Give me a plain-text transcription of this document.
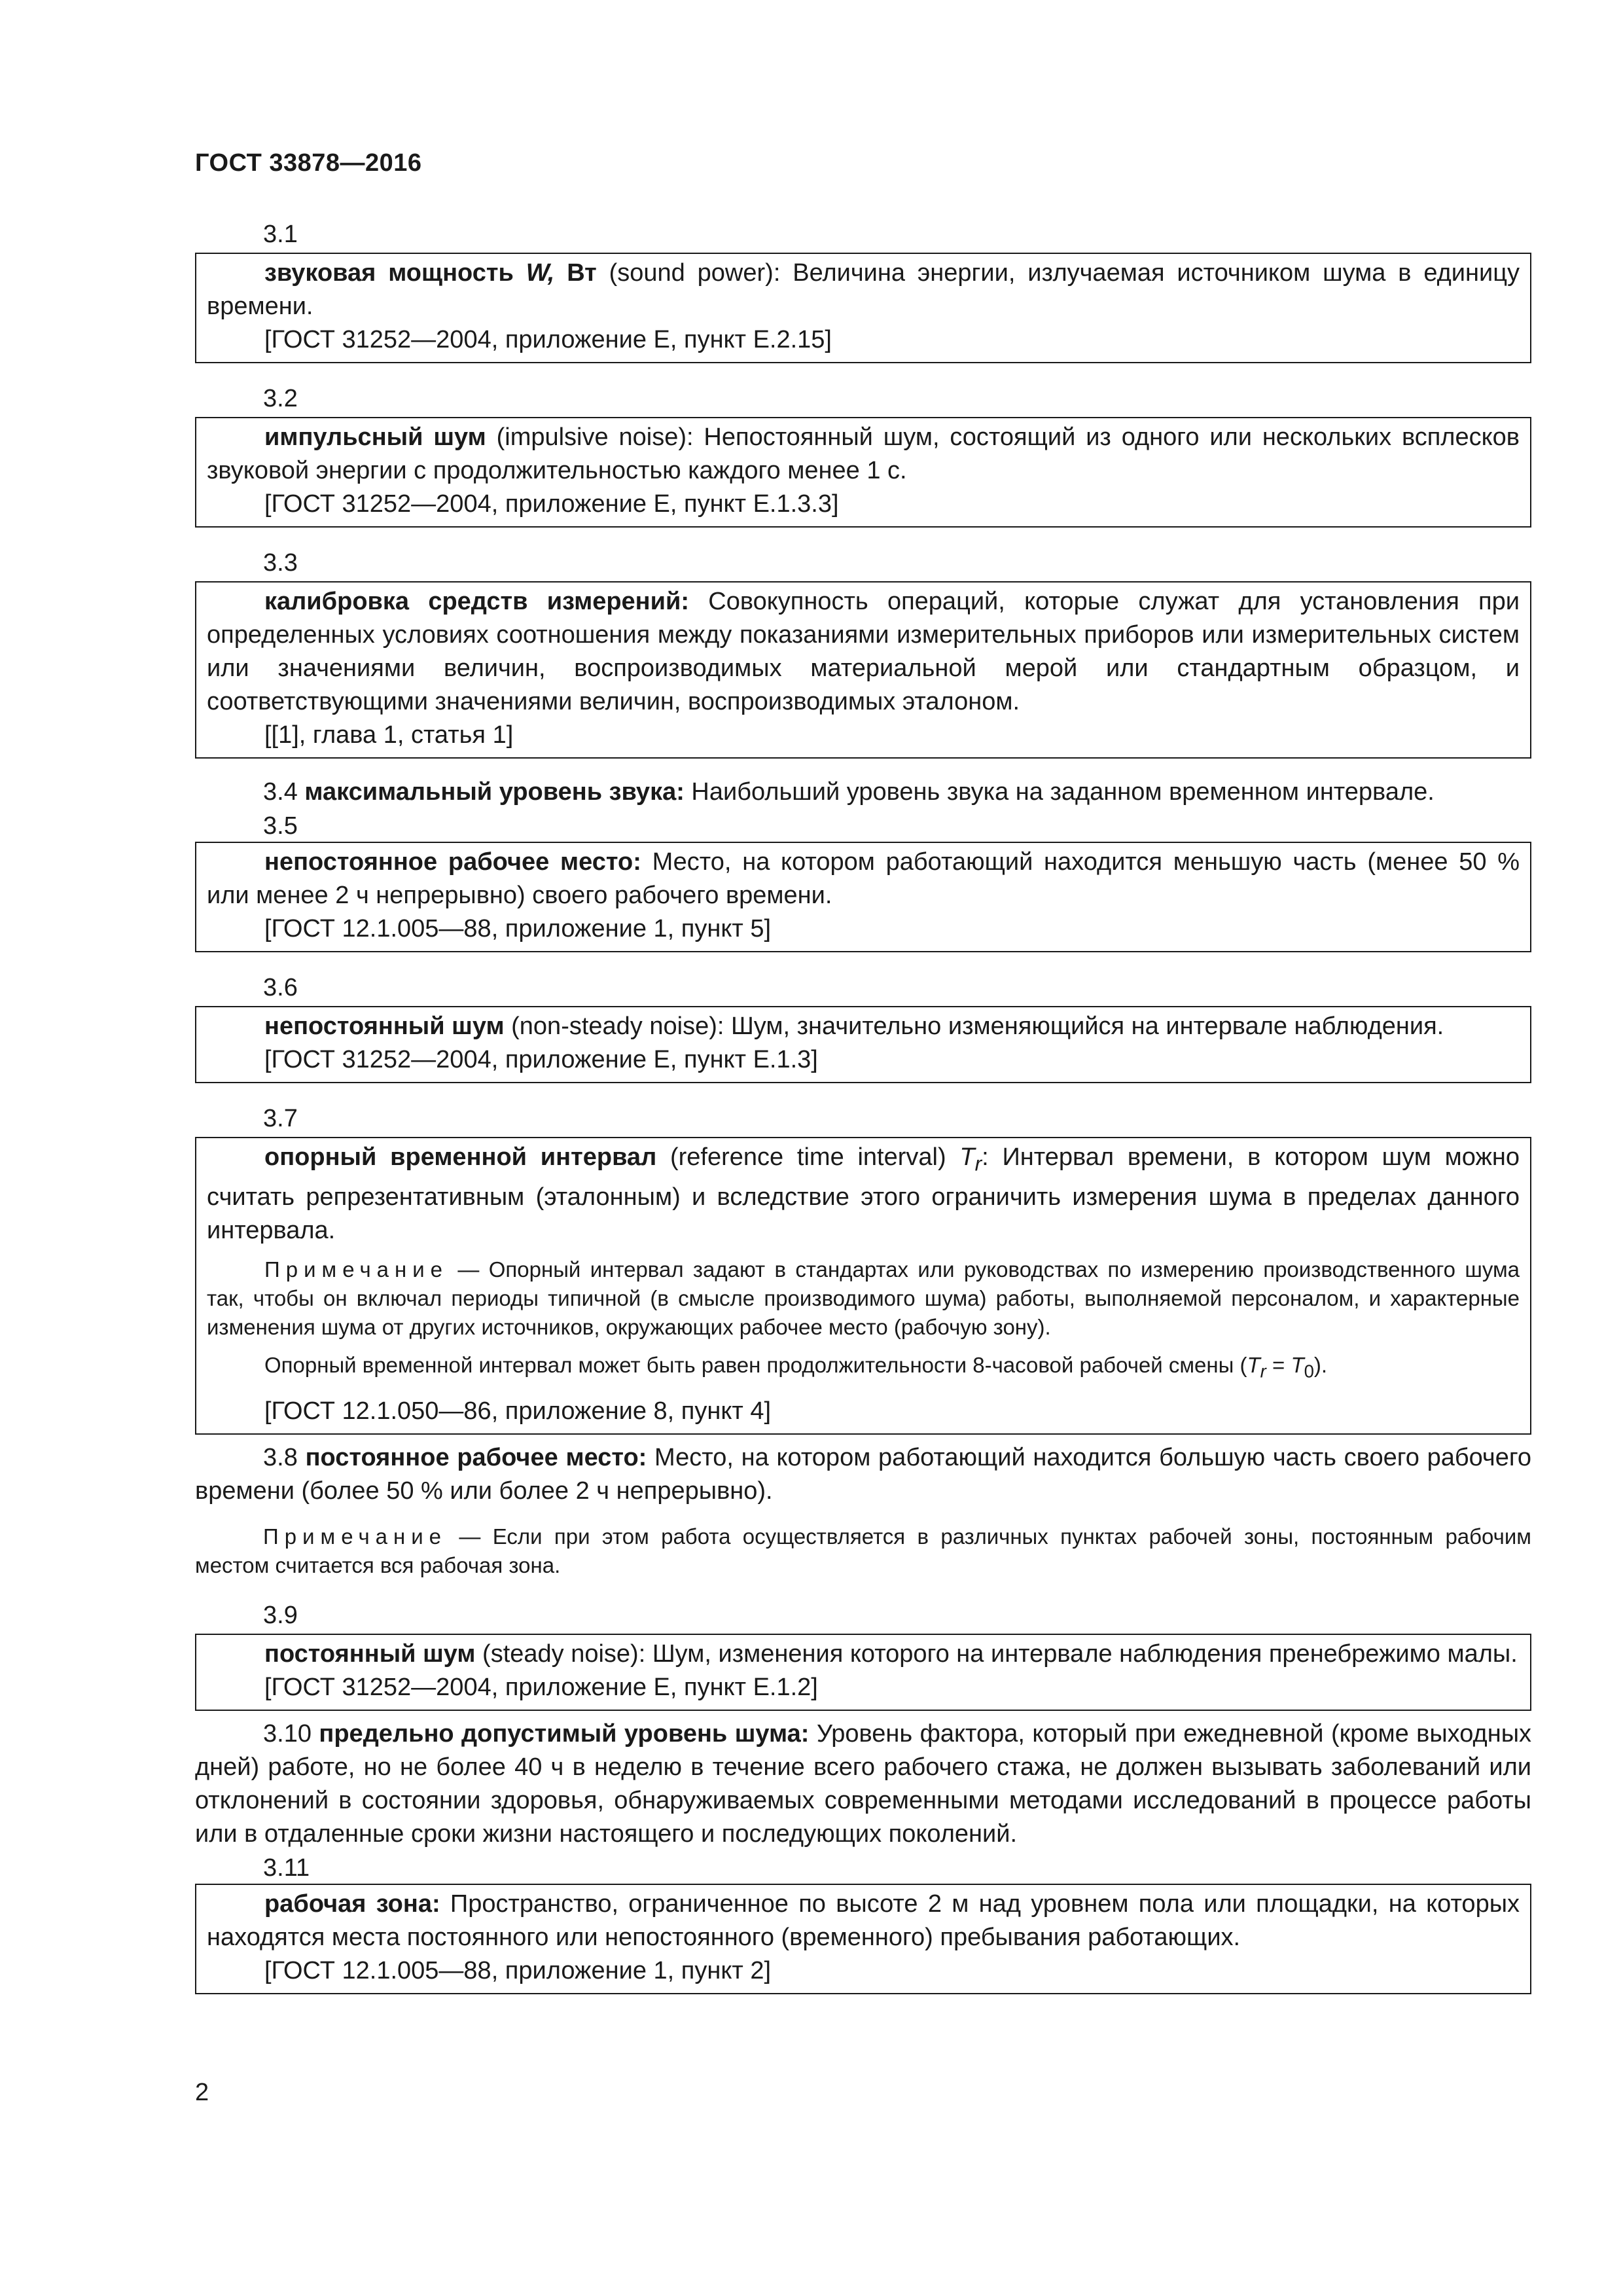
ГОСТ 33878—2016
3.1

звуковая мощность W, Вт (sound power): Величина энергии, излучаемая источником шума в единицу времени.

[ГОСТ 31252—2004, приложение Е, пункт Е.2.15]

3.2

импульсный шум (impulsive noise): Непостоянный шум, состоящий из одного или нескольких всплесков звуковой энергии с продолжительностью каждого менее 1 с.

[ГОСТ 31252—2004, приложение Е, пункт Е.1.3.3]

3.3

калибровка средств измерений: Совокупность операций, которые служат для установления при определенных условиях соотношения между показаниями измерительных приборов или измерительных систем или значениями величин, воспроизводимых материальной мерой или стандартным образцом, и соответствующими значениями величин, воспроизводимых эталоном.

[[1], глава 1, статья 1]

3.4 максимальный уровень звука: Наибольший уровень звука на заданном временном интервале.

3.5

непостоянное рабочее место: Место, на котором работающий находится меньшую часть (менее 50 % или менее 2 ч непрерывно) своего рабочего времени.

[ГОСТ 12.1.005—88, приложение 1, пункт 5]

3.6

непостоянный шум (non-steady noise): Шум, значительно изменяющийся на интервале наблюдения.

[ГОСТ 31252—2004, приложение Е, пункт Е.1.3]

3.7

опорный временной интервал (reference time interval) $T_r$: Интервал времени, в котором шум можно считать репрезентативным (эталонным) и вследствие этого ограничить измерения шума в пределах данного интервала.

Примечание — Опорный интервал задают в стандартах или руководствах по измерению производственного шума так, чтобы он включал периоды типичной (в смысле производимого шума) работы, выполняемой персоналом, и характерные изменения шума от других источников, окружающих рабочее место (рабочую зону).
Опорный временной интервал может быть равен продолжительности 8-часовой рабочей смены $(T_r = T_0)$.

[ГОСТ 12.1.050—86, приложение 8, пункт 4]

3.8 постоянное рабочее место: Место, на котором работающий находится большую часть своего рабочего времени (более 50 % или более 2 ч непрерывно).

Примечание — Если при этом работа осуществляется в различных пунктах рабочей зоны, постоянным рабочим местом считается вся рабочая зона.
3.9

постоянный шум (steady noise): Шум, изменения которого на интервале наблюдения пренебрежимо малы.

[ГОСТ 31252—2004, приложение Е, пункт Е.1.2]

3.10 предельно допустимый уровень шума: Уровень фактора, который при ежедневной (кроме выходных дней) работе, но не более 40 ч в неделю в течение всего рабочего стажа, не должен вызывать заболеваний или отклонений в состоянии здоровья, обнаруживаемых современными методами исследований в процессе работы или в отдаленные сроки жизни настоящего и последующих поколений.

3.11

рабочая зона: Пространство, ограниченное по высоте 2 м над уровнем пола или площадки, на которых находятся места постоянного или непостоянного (временного) пребывания работающих.

[ГОСТ 12.1.005—88, приложение 1, пункт 2]

2
